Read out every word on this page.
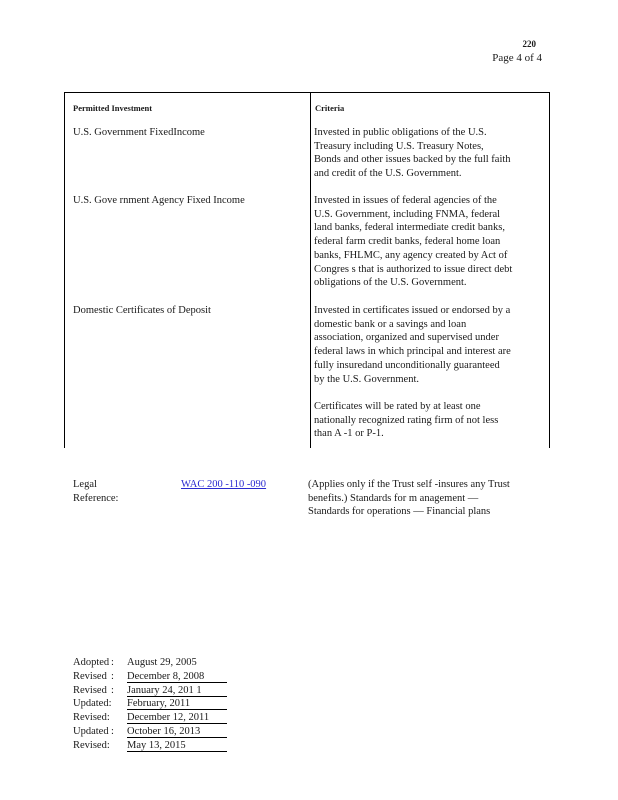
220
Page 4 of 4
Permitted Investment	Criteria
U.S. Government FixedIncome	Invested in public obligations of the U.S.
Treasury including U.S. Treasury Notes,
Bonds and other issues backed by the full faith
and credit of the U.S. Government.
U.S. Gove rnment Agency Fixed Income	Invested in issues of federal agencies of the
U.S. Government, including FNMA, federal
land banks, federal intermediate credit banks,
federal farm credit banks, federal home loan
banks, FHLMC, any agency created by Act of
Congres s that is authorized to issue direct debt
obligations of the U.S. Government.
Domestic Certificates of Deposit	Invested in certificates issued or endorsed by a
domestic bank or a savings and loan
association, organized and supervised under
federal laws in which principal and interest are
fully insuredand unconditionally guaranteed
by the U.S. Government.
Certificates will be rated by at least one
nationally recognized rating firm of not less
than A -1 or P-1.
Legal Reference:
WAC 200 -110 -090	(Applies only if the Trust self -insures any Trust
benefits.) Standards for m anagement —
Standards for operations — Financial plans
Adopted : August 29, 2005
Revised : December 8, 2008
Revised : January 24, 201 1
Updated: February, 2011
Revised: December 12, 2011
Updated : October 16, 2013
Revised: May 13, 2015
